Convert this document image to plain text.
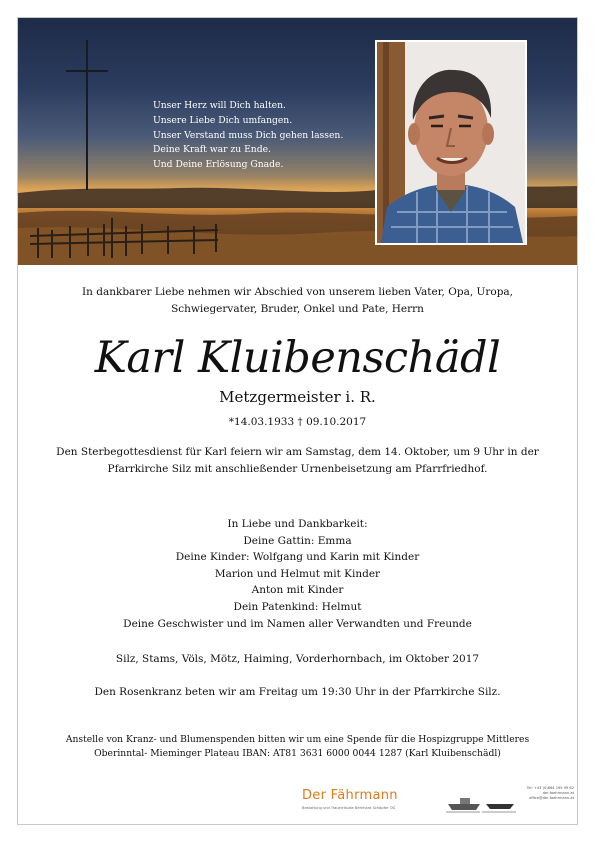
Unser Herz will Dich halten.
Unsere Liebe Dich umfangen.
Unser Verstand muss Dich gehen lassen.
Deine Kraft war zu Ende.
Und Deine Erlösung Gnade.
In dankbarer Liebe nehmen wir Abschied von unserem lieben Vater, Opa, Uropa,
Schwiegervater, Bruder, Onkel und Pate, Herrn
Karl Kluibenschädl
Metzgermeister i. R.
*14.03.1933 † 09.10.2017
Den Sterbegottesdienst für Karl feiern wir am Samstag, dem 14. Oktober, um 9 Uhr in der
Pfarrkirche Silz mit anschließender Urnenbeisetzung am Pfarrfriedhof.
In Liebe und Dankbarkeit:
Deine Gattin: Emma
Deine Kinder: Wolfgang und Karin mit Kinder
Marion und Helmut mit Kinder
Anton mit Kinder
Dein Patenkind: Helmut
Deine Geschwister und im Namen aller Verwandten und Freunde
Silz, Stams, Völs, Mötz, Haiming, Vorderhornbach, im Oktober 2017
Den Rosenkranz beten wir am Freitag um 19:30 Uhr in der Pfarrkirche Silz.
Anstelle von Kranz- und Blumenspenden bitten wir um eine Spende für die Hospizgruppe Mittleres
Oberinntal- Mieminger Plateau IBAN: AT81 3631 6000 0044 1287 (Karl Kluibenschädl)
Der Fährmann
Bestattung und Trauerrituale Bernhard Schöpfer OG
Tel: +43 (0)664 195 99 62
der-faehrmann.at office@der-faehrmann.at
